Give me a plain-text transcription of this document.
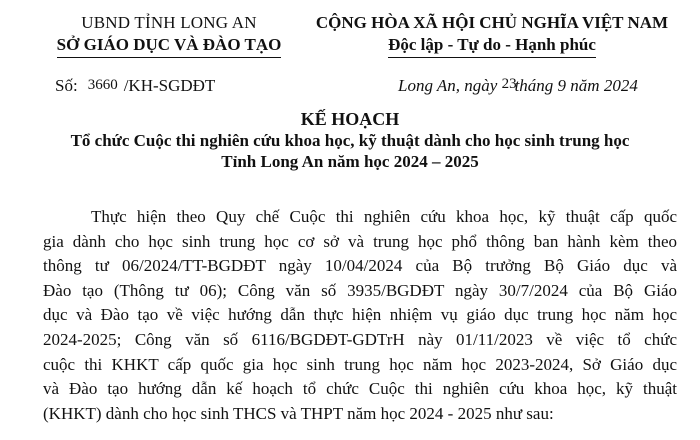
UBND TỈNH LONG AN
SỞ GIÁO DỤC VÀ ĐÀO TẠO
CỘNG HÒA XÃ HỘI CHỦ NGHĨA VIỆT NAM
Độc lập - Tự do - Hạnh phúc
Số: 3660 /KH-SGDĐT	Long An, ngày 23tháng 9 năm 2024
KẾ HOẠCH
Tổ chức Cuộc thi nghiên cứu khoa học, kỹ thuật dành cho học sinh trung học
Tỉnh Long An năm học 2024 – 2025
Thực hiện theo Quy chế Cuộc thi nghiên cứu khoa học, kỹ thuật cấp quốc
gia dành cho học sinh trung học cơ sở và trung học phổ thông ban hành kèm theo
thông tư 06/2024/TT-BGDĐT ngày 10/04/2024 của Bộ trưởng Bộ Giáo dục và
Đào tạo (Thông tư 06); Công văn số 3935/BGDĐT ngày 30/7/2024 của Bộ Giáo
dục và Đào tạo về việc hướng dẫn thực hiện nhiệm vụ giáo dục trung học năm học
2024-2025; Công văn số 6116/BGDĐT-GDTrH này 01/11/2023 về việc tổ chức
cuộc thi KHKT cấp quốc gia học sinh trung học năm học 2023-2024, Sở Giáo dục
và Đào tạo hướng dẫn kế hoạch tổ chức Cuộc thi nghiên cứu khoa học, kỹ thuật
(KHKT) dành cho học sinh THCS và THPT năm học 2024 - 2025 như sau:
